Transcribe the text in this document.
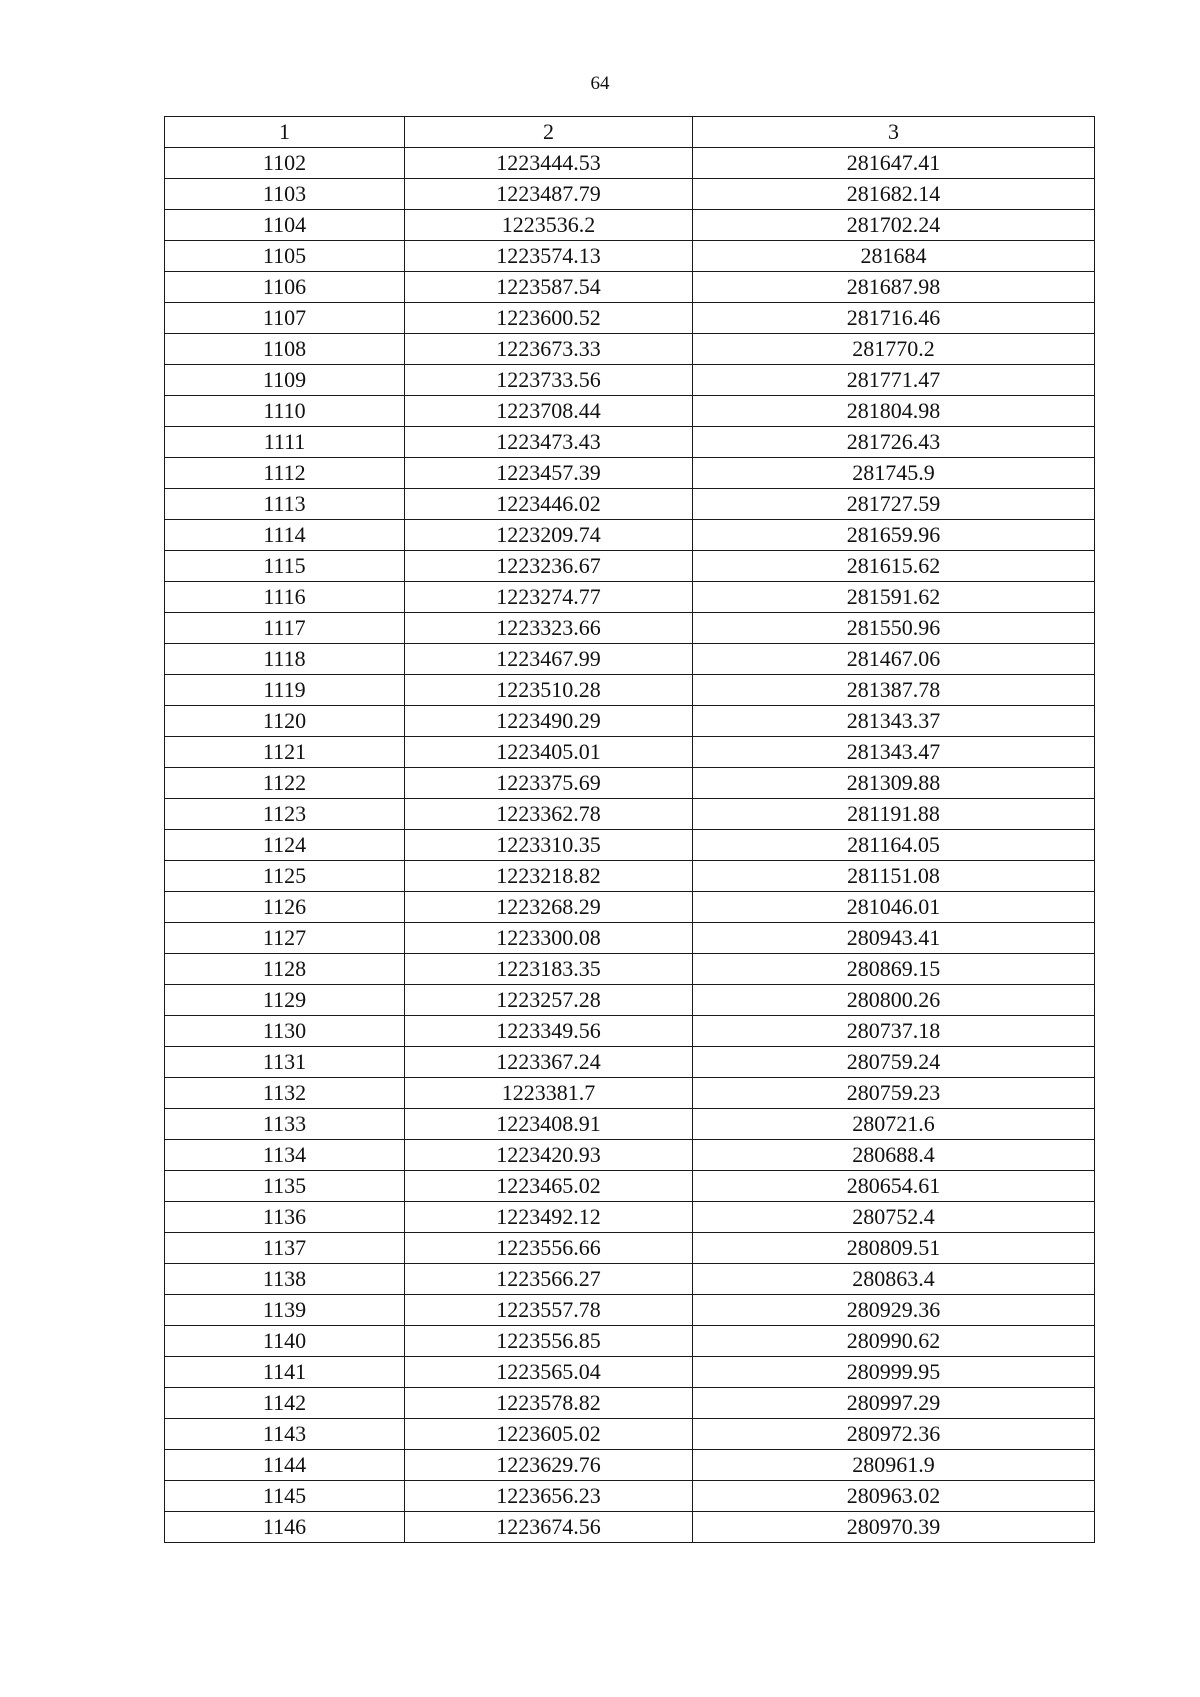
64
1	2	3
1102	1223444.53	281647.41
1103	1223487.79	281682.14
1104	1223536.2	281702.24
1105	1223574.13	281684
1106	1223587.54	281687.98
1107	1223600.52	281716.46
1108	1223673.33	281770.2
1109	1223733.56	281771.47
1110	1223708.44	281804.98
1111	1223473.43	281726.43
1112	1223457.39	281745.9
1113	1223446.02	281727.59
1114	1223209.74	281659.96
1115	1223236.67	281615.62
1116	1223274.77	281591.62
1117	1223323.66	281550.96
1118	1223467.99	281467.06
1119	1223510.28	281387.78
1120	1223490.29	281343.37
1121	1223405.01	281343.47
1122	1223375.69	281309.88
1123	1223362.78	281191.88
1124	1223310.35	281164.05
1125	1223218.82	281151.08
1126	1223268.29	281046.01
1127	1223300.08	280943.41
1128	1223183.35	280869.15
1129	1223257.28	280800.26
1130	1223349.56	280737.18
1131	1223367.24	280759.24
1132	1223381.7	280759.23
1133	1223408.91	280721.6
1134	1223420.93	280688.4
1135	1223465.02	280654.61
1136	1223492.12	280752.4
1137	1223556.66	280809.51
1138	1223566.27	280863.4
1139	1223557.78	280929.36
1140	1223556.85	280990.62
1141	1223565.04	280999.95
1142	1223578.82	280997.29
1143	1223605.02	280972.36
1144	1223629.76	280961.9
1145	1223656.23	280963.02
1146	1223674.56	280970.39
